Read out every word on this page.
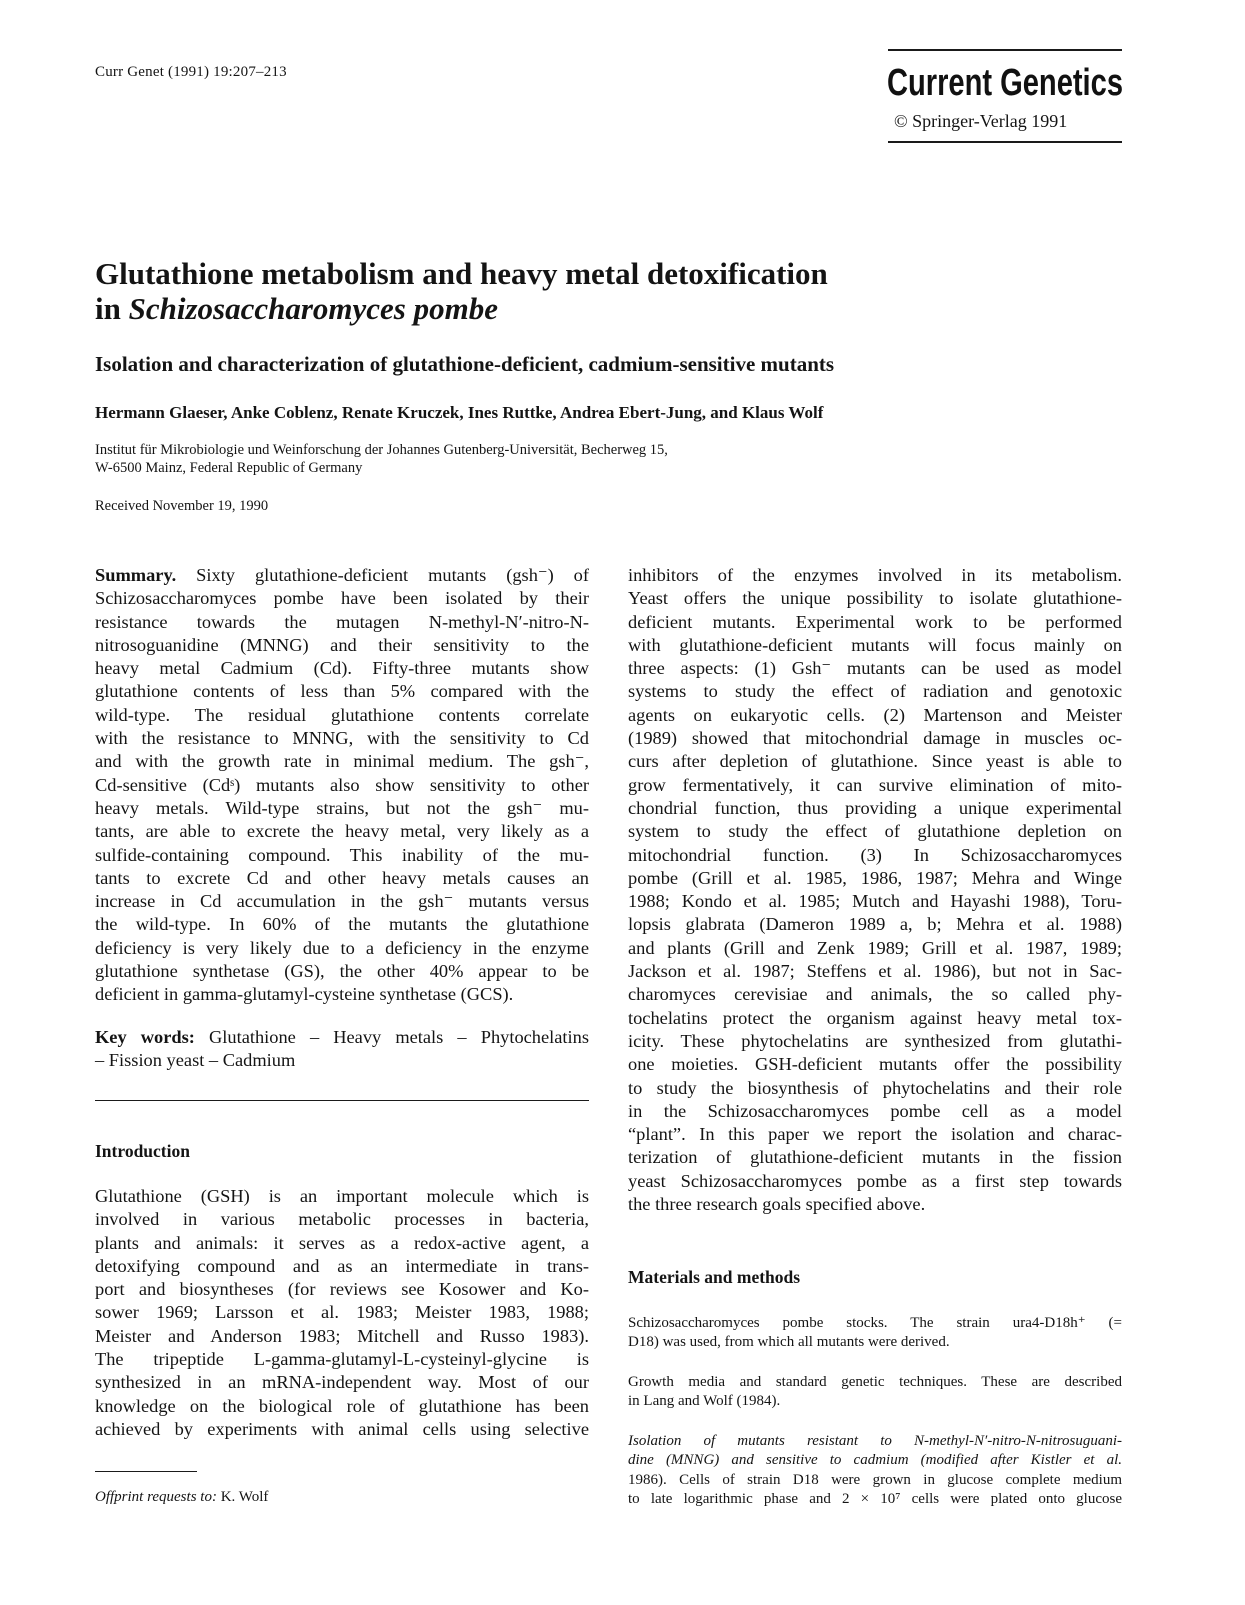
Curr Genet (1991) 19:207–213	Current Genetics
© Springer-Verlag 1991
Glutathione metabolism and heavy metal detoxification
in Schizosaccharomyces pombe
Isolation and characterization of glutathione-deficient, cadmium-sensitive mutants

Hermann Glaeser, Anke Coblenz, Renate Kruczek, Ines Ruttke, Andrea Ebert-Jung, and Klaus Wolf

Institut für Mikrobiologie und Weinforschung der Johannes Gutenberg-Universität, Becherweg 15,
W-6500 Mainz, Federal Republic of Germany

Received November 19, 1990

Summary. Sixty glutathione-deficient mutants (gsh⁻) of
Schizosaccharomyces pombe have been isolated by their
resistance towards the mutagen N-methyl-N′-nitro-N-
nitrosoguanidine (MNNG) and their sensitivity to the
heavy metal Cadmium (Cd). Fifty-three mutants show
glutathione contents of less than 5% compared with the
wild-type. The residual glutathione contents correlate
with the resistance to MNNG, with the sensitivity to Cd
and with the growth rate in minimal medium. The gsh⁻,
Cd-sensitive (Cdˢ) mutants also show sensitivity to other
heavy metals. Wild-type strains, but not the gsh⁻ mu-
tants, are able to excrete the heavy metal, very likely as a
sulfide-containing compound. This inability of the mu-
tants to excrete Cd and other heavy metals causes an
increase in Cd accumulation in the gsh⁻ mutants versus
the wild-type. In 60% of the mutants the glutathione
deficiency is very likely due to a deficiency in the enzyme
glutathione synthetase (GS), the other 40% appear to be
deficient in gamma-glutamyl-cysteine synthetase (GCS).
Key words: Glutathione – Heavy metals – Phytochelatins
– Fission yeast – Cadmium
Introduction
Glutathione (GSH) is an important molecule which is
involved in various metabolic processes in bacteria,
plants and animals: it serves as a redox-active agent, a
detoxifying compound and as an intermediate in trans-
port and biosyntheses (for reviews see Kosower and Ko-
sower 1969; Larsson et al. 1983; Meister 1983, 1988;
Meister and Anderson 1983; Mitchell and Russo 1983).
The tripeptide L-gamma-glutamyl-L-cysteinyl-glycine is
synthesized in an mRNA-independent way. Most of our
knowledge on the biological role of glutathione has been
achieved by experiments with animal cells using selective

Offprint requests to: K. Wolf

inhibitors of the enzymes involved in its metabolism.
Yeast offers the unique possibility to isolate glutathione-
deficient mutants. Experimental work to be performed
with glutathione-deficient mutants will focus mainly on
three aspects: (1) Gsh⁻ mutants can be used as model
systems to study the effect of radiation and genotoxic
agents on eukaryotic cells. (2) Martenson and Meister
(1989) showed that mitochondrial damage in muscles oc-
curs after depletion of glutathione. Since yeast is able to
grow fermentatively, it can survive elimination of mito-
chondrial function, thus providing a unique experimental
system to study the effect of glutathione depletion on
mitochondrial function. (3) In Schizosaccharomyces
pombe (Grill et al. 1985, 1986, 1987; Mehra and Winge
1988; Kondo et al. 1985; Mutch and Hayashi 1988), Toru-
lopsis glabrata (Dameron 1989 a, b; Mehra et al. 1988)
and plants (Grill and Zenk 1989; Grill et al. 1987, 1989;
Jackson et al. 1987; Steffens et al. 1986), but not in Sac-
charomyces cerevisiae and animals, the so called phy-
tochelatins protect the organism against heavy metal tox-
icity. These phytochelatins are synthesized from glutathi-
one moieties. GSH-deficient mutants offer the possibility
to study the biosynthesis of phytochelatins and their role
in the Schizosaccharomyces pombe cell as a model
“plant”. In this paper we report the isolation and charac-
terization of glutathione-deficient mutants in the fission
yeast Schizosaccharomyces pombe as a first step towards
the three research goals specified above.
Materials and methods
Schizosaccharomyces pombe stocks. The strain ura4-D18h⁺ (=
D18) was used, from which all mutants were derived.
Growth media and standard genetic techniques. These are described
in Lang and Wolf (1984).
Isolation of mutants resistant to N-methyl-N′-nitro-N-nitrosuguani-
dine (MNNG) and sensitive to cadmium (modified after Kistler et al.
1986). Cells of strain D18 were grown in glucose complete medium
to late logarithmic phase and 2 × 10⁷ cells were plated onto glucose
